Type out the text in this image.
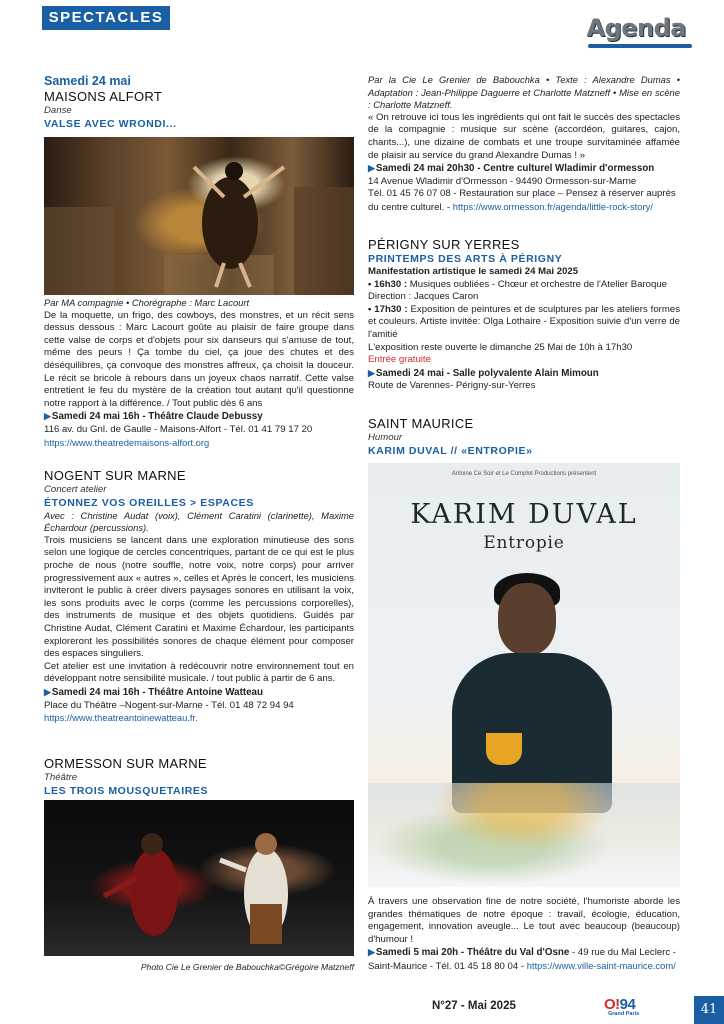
SPECTACLES	Agenda
Samedi 24 mai
MAISONS ALFORT
Danse
VALSE AVEC WRONDI...
Par MA compagnie • Chorégraphe : Marc Lacourt
De la moquette, un frigo, des cowboys, des monstres, et un récit sens dessus dessous : Marc Lacourt goûte au plaisir de faire groupe dans cette valse de corps et d'objets pour six danseurs qui s'amuse de tout, même des peurs ! Ça tombe du ciel, ça joue des chutes et des déséquilibres, ça convoque des monstres affreux, ça choisit la douceur. Le récit se bricole à rebours dans un joyeux chaos narratif. Cette valse entretient le feu du mystère de la création tout autant qu'il questionne notre rapport à la différence. / Tout public dès 6 ans
▶ Samedi 24 mai 16h - Théâtre Claude Debussy
116 av. du Gnl. de Gaulle - Maisons-Alfort - Tél. 01 41 79 17 20
https://www.theatredemaisons-alfort.org
NOGENT SUR MARNE
Concert atelier
ÉTONNEZ VOS OREILLES > ESPACES
Avec : Christine Audat (voix), Clément Caratini (clarinette), Maxime Échardour (percussions).
Trois musiciens se lancent dans une exploration minutieuse des sons selon une logique de cercles concentriques, partant de ce qui est le plus proche de nous (notre souffle, notre voix, notre corps) pour arriver progressivement aux « autres », celles et Après le concert, les musiciens inviteront le public à créer divers paysages sonores en utilisant la voix, les sons produits avec le corps (comme les percussions corporelles), des instruments de musique et des objets quotidiens. Guidés par Christine Audat, Clément Caratini et Maxime Échardour, les participants exploreront les possibilités sonores de chaque élément pour composer des espaces singuliers.
Cet atelier est une invitation à redécouvrir notre environnement tout en développant notre sensibilité musicale. / tout public à partir de 6 ans.
▶ Samedi 24 mai 16h - Théâtre Antoine Watteau
Place du Théâtre –Nogent-sur-Marne - Tél. 01 48 72 94 94
https://www.theatreantoinewatteau.fr.
ORMESSON SUR MARNE
Théâtre
LES TROIS MOUSQUETAIRES
Photo Cie Le Grenier de Babouchka©Grégoire Matzneff
Par la Cie Le Grenier de Babouchka • Texte : Alexandre Dumas • Adaptation : Jean-Philippe Daguerre et Charlotte Matzneff • Mise en scène : Charlotte Matzneff.
« On retrouve ici tous les ingrédients qui ont fait le succès des spectacles de la compagnie : musique sur scène (accordéon, guitares, cajon, chants...), une dizaine de combats et une troupe survitaminée affamée de plaisir au service du grand Alexandre Dumas ! »
▶ Samedi 24 mai 20h30 - Centre culturel Wladimir d'ormesson
14 Avenue Wladimir d'Ormesson - 94490 Ormesson-sur-Marne
Tél. 01 45 76 07 08 - Restauration sur place – Pensez à réserver auprès du centre culturel. - https://www.ormesson.fr/agenda/little-rock-story/
PÉRIGNY SUR YERRES
PRINTEMPS DES ARTS À PÉRIGNY
Manifestation artistique le samedi 24 Mai 2025
• 16h30 : Musiques oubliées - Chœur et orchestre de l'Atelier Baroque Direction : Jacques Caron
• 17h30 : Exposition de peintures et de sculptures par les ateliers formes et couleurs. Artiste invitée: Olga Lothaire - Exposition suivie d'un verre de l'amitié
L'exposition reste ouverte le dimanche 25 Mai de 10h à 17h30
Entrée gratuite
▶ Samedi 24 mai - Salle polyvalente Alain Mimoun
Route de Varennes- Périgny-sur-Yerres
SAINT MAURICE
Humour
KARIM DUVAL // «ENTROPIE»
Antoine Ce Soir et Le Complot Productions présentent
KARIM DUVAL
Entropie
À travers une observation fine de notre société, l'humoriste aborde les grandes thématiques de notre époque : travail, écologie, éducation, engagement, innovation aveugle... Le tout avec beaucoup (beaucoup) d'humour !
▶ Samedi 5 mai 20h - Théâtre du Val d'Osne - 49 rue du Mal Leclerc - Saint-Maurice - Tél. 01 45 18 80 04 - https://www.ville-saint-maurice.com/
N°27 - Mai 2025	O!94
Grand Paris	41
